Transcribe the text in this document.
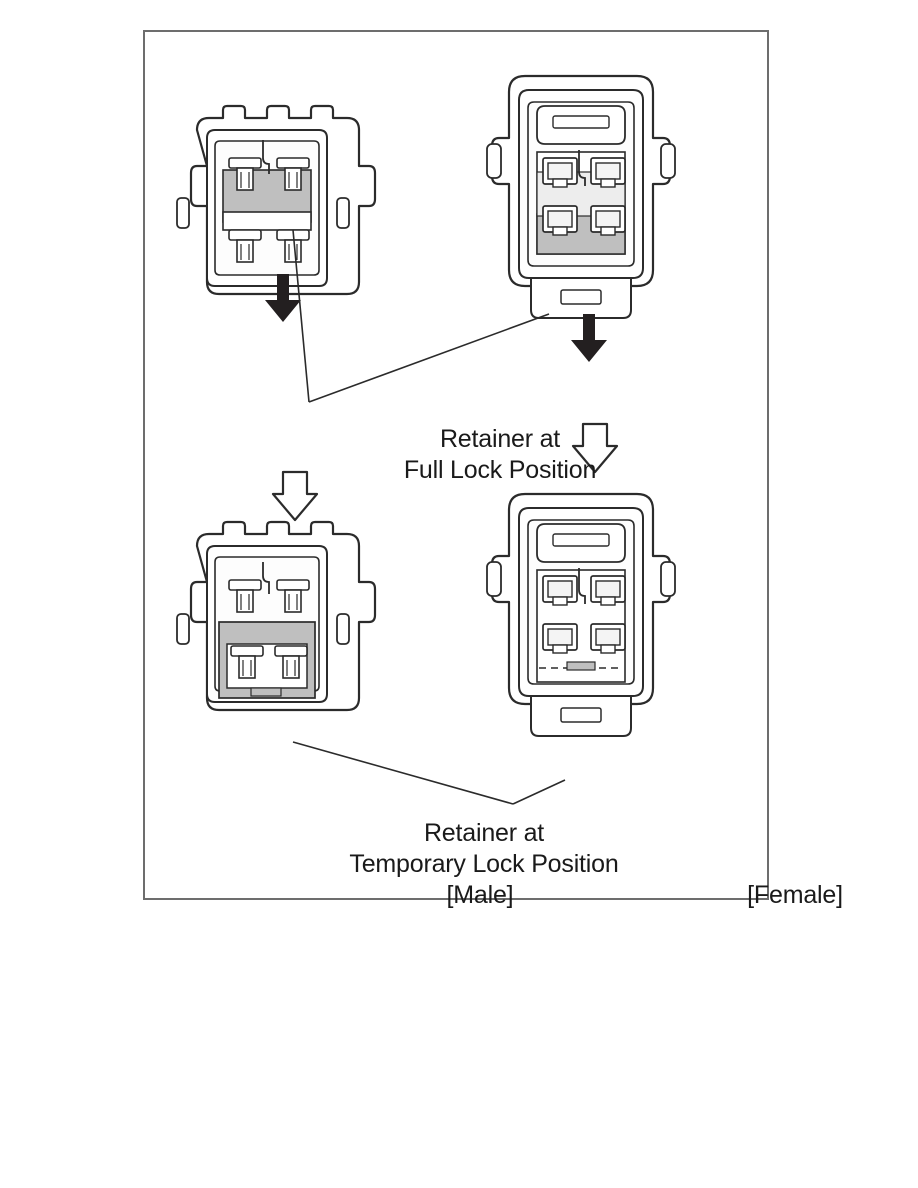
Retainer at
Full Lock Position
Retainer at
Temporary Lock Position
[Male]	[Female]
